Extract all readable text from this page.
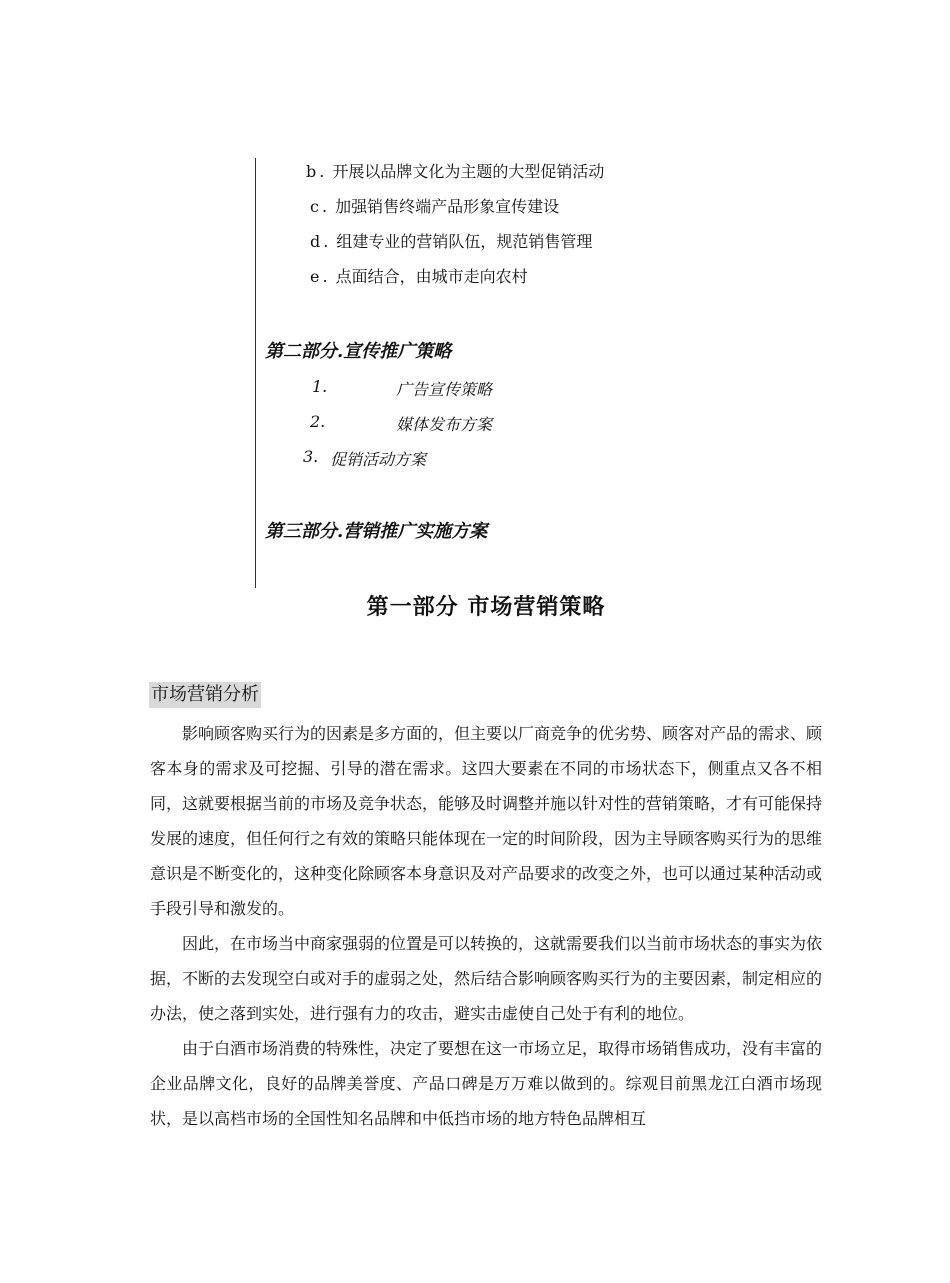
b. 开展以品牌文化为主题的大型促销活动
c. 加强销售终端产品形象宣传建设
d. 组建专业的营销队伍，规范销售管理
e. 点面结合，由城市走向农村
第二部分.宣传推广策略
1.	广告宣传策略
2.	媒体发布方案
3. 促销活动方案
第三部分.营销推广实施方案
第一部分 市场营销策略
市场营销分析

影响顾客购买行为的因素是多方面的，但主要以厂商竞争的优劣势、顾客对产品的需求、顾客本身的需求及可挖掘、引导的潜在需求。这四大要素在不同的市场状态下，侧重点又各不相同，这就要根据当前的市场及竞争状态，能够及时调整并施以针对性的营销策略，才有可能保持发展的速度，但任何行之有效的策略只能体现在一定的时间阶段，因为主导顾客购买行为的思维意识是不断变化的，这种变化除顾客本身意识及对产品要求的改变之外，也可以通过某种活动或手段引导和激发的。

因此，在市场当中商家强弱的位置是可以转换的，这就需要我们以当前市场状态的事实为依据，不断的去发现空白或对手的虚弱之处，然后结合影响顾客购买行为的主要因素，制定相应的办法，使之落到实处，进行强有力的攻击，避实击虚使自己处于有利的地位。

由于白酒市场消费的特殊性，决定了要想在这一市场立足，取得市场销售成功，没有丰富的企业品牌文化，良好的品牌美誉度、产品口碑是万万难以做到的。综观目前黑龙江白酒市场现状，是以高档市场的全国性知名品牌和中低挡市场的地方特色品牌相互
